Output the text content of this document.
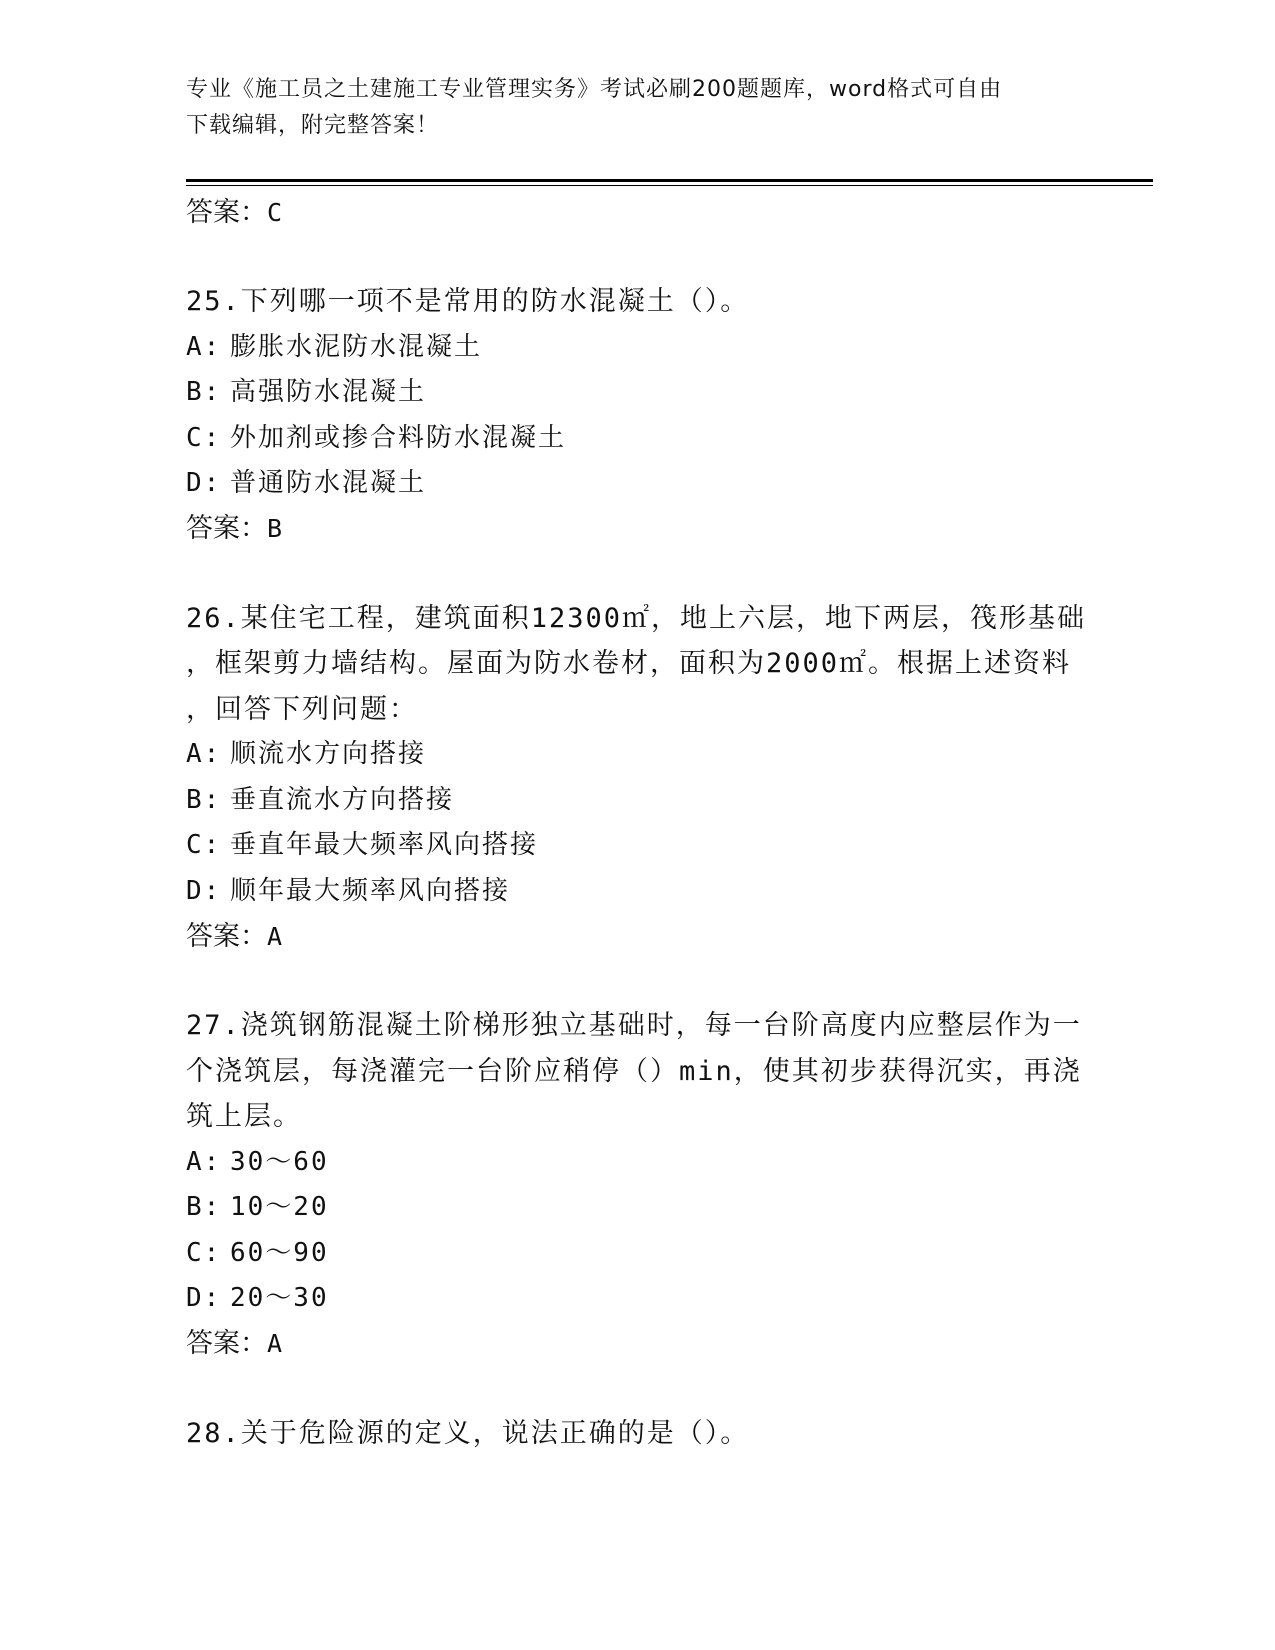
专业《施工员之土建施工专业管理实务》考试必刷200题题库，word格式可自由
下载编辑，附完整答案！
答案： C
25.下列哪一项不是常用的防水混凝土（）。
A: 膨胀水泥防水混凝土
B: 高强防水混凝土
C: 外加剂或掺合料防水混凝土
D: 普通防水混凝土
答案： B
26.某住宅工程，建筑面积12300㎡，地上六层，地下两层，筏形基础
，框架剪力墙结构。屋面为防水卷材，面积为2000㎡。根据上述资料
，回答下列问题：
A: 顺流水方向搭接
B: 垂直流水方向搭接
C: 垂直年最大频率风向搭接
D: 顺年最大频率风向搭接
答案： A
27.浇筑钢筋混凝土阶梯形独立基础时，每一台阶高度内应整层作为一
个浇筑层，每浇灌完一台阶应稍停（）min，使其初步获得沉实，再浇
筑上层。
A: 30～60
B: 10～20
C: 60～90
D: 20～30
答案： A
28.关于危险源的定义，说法正确的是（）。
